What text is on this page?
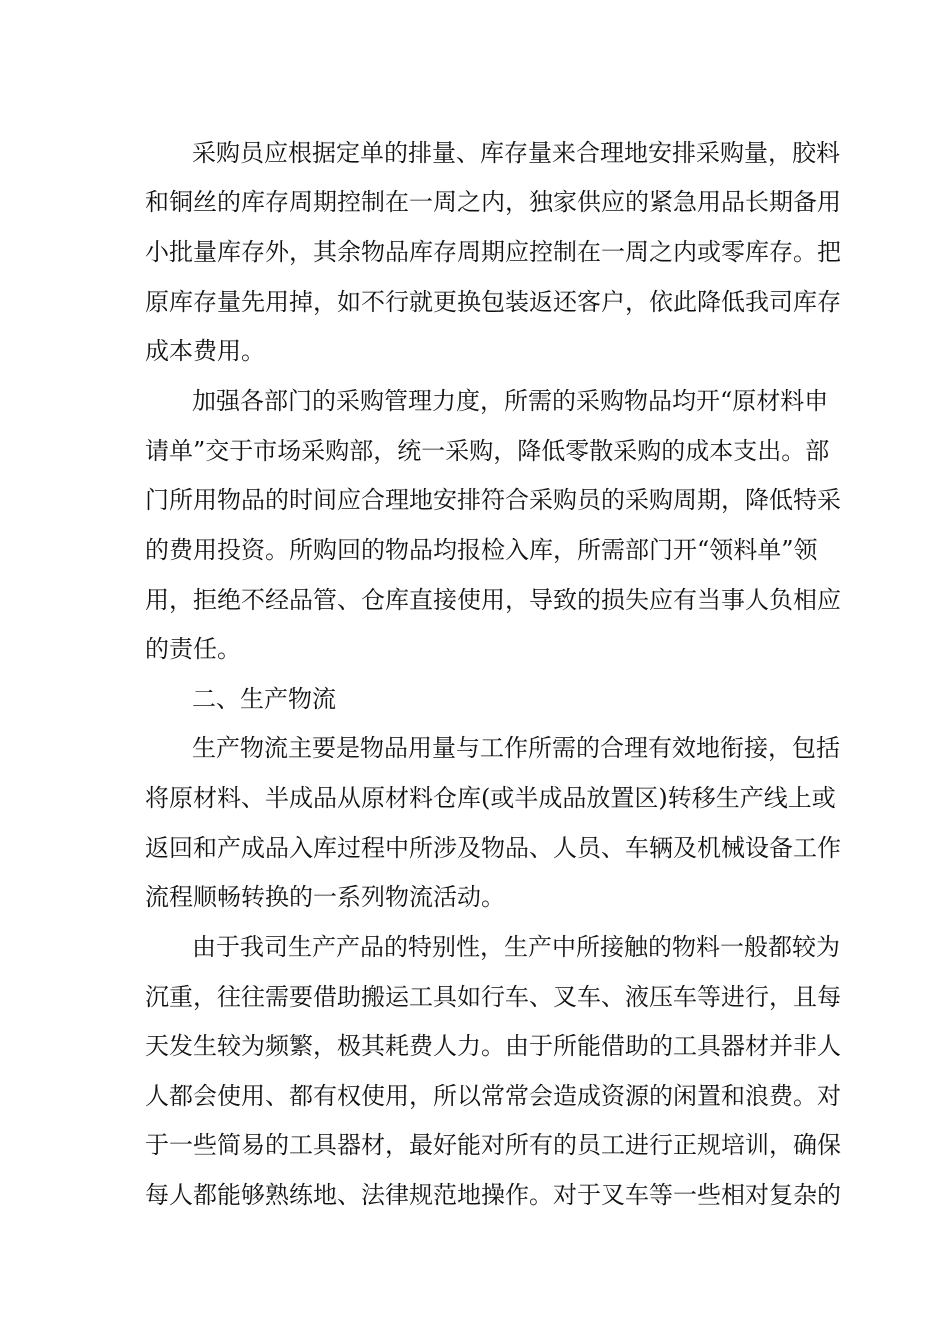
采购员应根据定单的排量、库存量来合理地安排采购量，胶料
和铜丝的库存周期控制在一周之内，独家供应的紧急用品长期备用
小批量库存外，其余物品库存周期应控制在一周之内或零库存。把
原库存量先用掉，如不行就更换包装返还客户，依此降低我司库存
成本费用。
加强各部门的采购管理力度，所需的采购物品均开“原材料申
请单”交于市场采购部，统一采购，降低零散采购的成本支出。部
门所用物品的时间应合理地安排符合采购员的采购周期，降低特采
的费用投资。所购回的物品均报检入库，所需部门开“领料单”领
用，拒绝不经品管、仓库直接使用，导致的损失应有当事人负相应
的责任。
二、生产物流
生产物流主要是物品用量与工作所需的合理有效地衔接，包括
将原材料、半成品从原材料仓库(或半成品放置区)转移生产线上或
返回和产成品入库过程中所涉及物品、人员、车辆及机械设备工作
流程顺畅转换的一系列物流活动。
由于我司生产产品的特别性，生产中所接触的物料一般都较为
沉重，往往需要借助搬运工具如行车、叉车、液压车等进行，且每
天发生较为频繁，极其耗费人力。由于所能借助的工具器材并非人
人都会使用、都有权使用，所以常常会造成资源的闲置和浪费。对
于一些简易的工具器材，最好能对所有的员工进行正规培训，确保
每人都能够熟练地、法律规范地操作。对于叉车等一些相对复杂的
